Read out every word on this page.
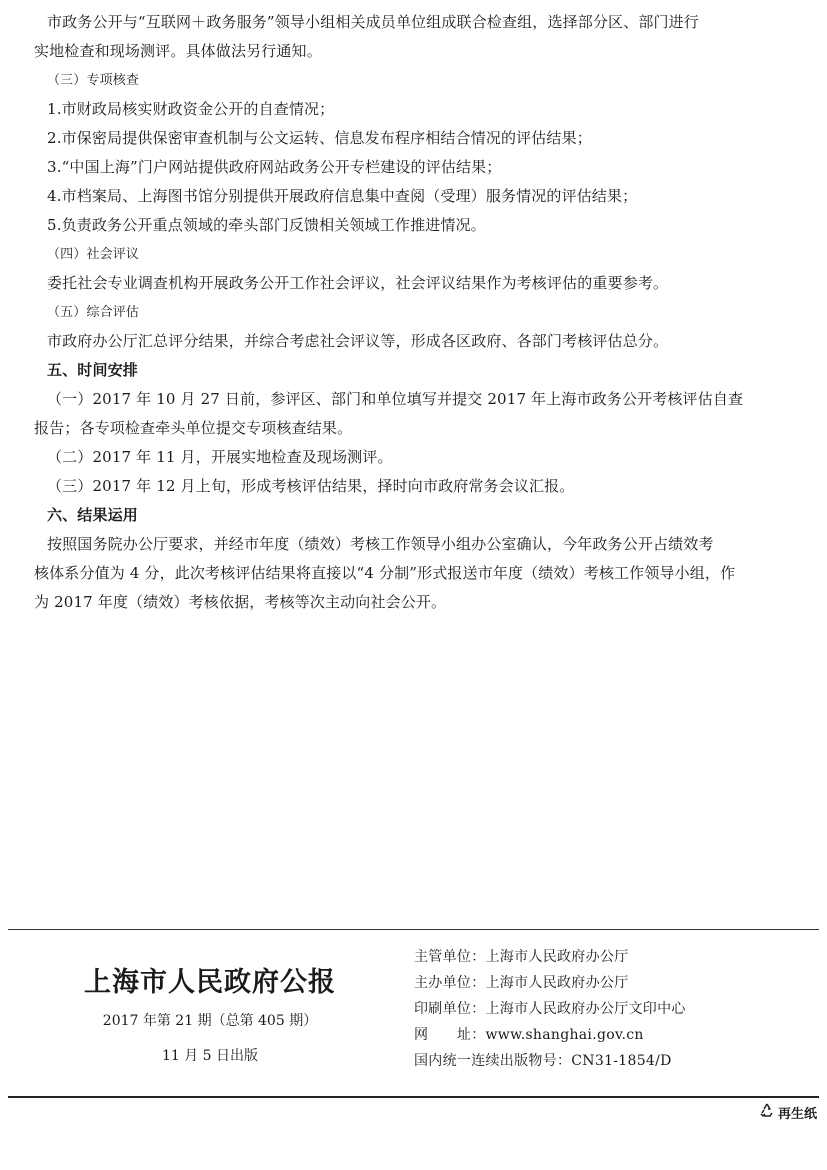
市政务公开与“互联网＋政务服务”领导小组相关成员单位组成联合检查组，选择部分区、部门进行
实地检查和现场测评。具体做法另行通知。
（三）专项核查
1.市财政局核实财政资金公开的自查情况；
2.市保密局提供保密审查机制与公文运转、信息发布程序相结合情况的评估结果；
3.“中国上海”门户网站提供政府网站政务公开专栏建设的评估结果；
4.市档案局、上海图书馆分别提供开展政府信息集中查阅（受理）服务情况的评估结果；
5.负责政务公开重点领域的牵头部门反馈相关领域工作推进情况。
（四）社会评议
委托社会专业调查机构开展政务公开工作社会评议，社会评议结果作为考核评估的重要参考。
（五）综合评估
市政府办公厅汇总评分结果，并综合考虑社会评议等，形成各区政府、各部门考核评估总分。
五、时间安排
（一）2017 年 10 月 27 日前，参评区、部门和单位填写并提交 2017 年上海市政务公开考核评估自查
报告；各专项检查牵头单位提交专项核查结果。
（二）2017 年 11 月，开展实地检查及现场测评。
（三）2017 年 12 月上旬，形成考核评估结果，择时向市政府常务会议汇报。
六、结果运用
按照国务院办公厅要求，并经市年度（绩效）考核工作领导小组办公室确认，今年政务公开占绩效考
核体系分值为 4 分，此次考核评估结果将直接以“4 分制”形式报送市年度（绩效）考核工作领导小组，作
为 2017 年度（绩效）考核依据，考核等次主动向社会公开。
上海市人民政府公报
2017 年第 21 期（总第 405 期）
11 月 5 日出版
主管单位：上海市人民政府办公厅
主办单位：上海市人民政府办公厅
印刷单位：上海市人民政府办公厅文印中心
网　　址：www.shanghai.gov.cn
国内统一连续出版物号：CN31-1854/D
再生纸
